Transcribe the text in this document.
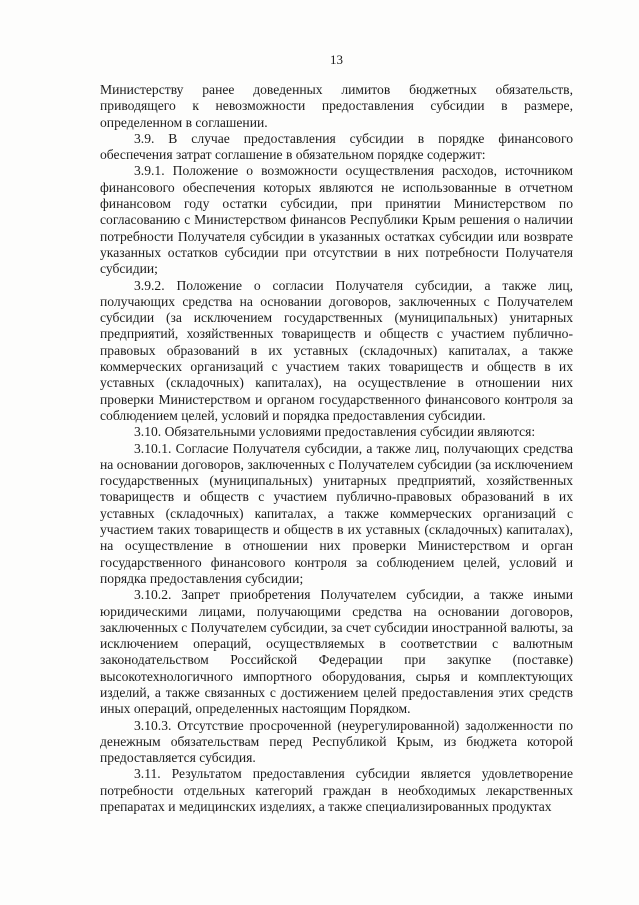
13

Министерству ранее доведенных лимитов бюджетных обязательств, приводящего к невозможности предоставления субсидии в размере, определенном в соглашении.

3.9. В случае предоставления субсидии в порядке финансового обеспечения затрат соглашение в обязательном порядке содержит:

3.9.1. Положение о возможности осуществления расходов, источником финансового обеспечения которых являются не использованные в отчетном финансовом году остатки субсидии, при принятии Министерством по согласованию с Министерством финансов Республики Крым решения о наличии потребности Получателя субсидии в указанных остатках субсидии или возврате указанных остатков субсидии при отсутствии в них потребности Получателя субсидии;

3.9.2. Положение о согласии Получателя субсидии, а также лиц, получающих средства на основании договоров, заключенных с Получателем субсидии (за исключением государственных (муниципальных) унитарных предприятий, хозяйственных товариществ и обществ с участием публично-правовых образований в их уставных (складочных) капиталах, а также коммерческих организаций с участием таких товариществ и обществ в их уставных (складочных) капиталах), на осуществление в отношении них проверки Министерством и органом государственного финансового контроля за соблюдением целей, условий и порядка предоставления субсидии.

3.10. Обязательными условиями предоставления субсидии являются:

3.10.1. Согласие Получателя субсидии, а также лиц, получающих средства на основании договоров, заключенных с Получателем субсидии (за исключением государственных (муниципальных) унитарных предприятий, хозяйственных товариществ и обществ с участием публично-правовых образований в их уставных (складочных) капиталах, а также коммерческих организаций с участием таких товариществ и обществ в их уставных (складочных) капиталах), на осуществление в отношении них проверки Министерством и орган государственного финансового контроля за соблюдением целей, условий и порядка предоставления субсидии;

3.10.2. Запрет приобретения Получателем субсидии, а также иными юридическими лицами, получающими средства на основании договоров, заключенных с Получателем субсидии, за счет субсидии иностранной валюты, за исключением операций, осуществляемых в соответствии с валютным законодательством Российской Федерации при закупке (поставке) высокотехнологичного импортного оборудования, сырья и комплектующих изделий, а также связанных с достижением целей предоставления этих средств иных операций, определенных настоящим Порядком.

3.10.3. Отсутствие просроченной (неурегулированной) задолженности по денежным обязательствам перед Республикой Крым, из бюджета которой предоставляется субсидия.

3.11. Результатом предоставления субсидии является удовлетворение потребности отдельных категорий граждан в необходимых лекарственных препаратах и медицинских изделиях, а также специализированных продуктах
